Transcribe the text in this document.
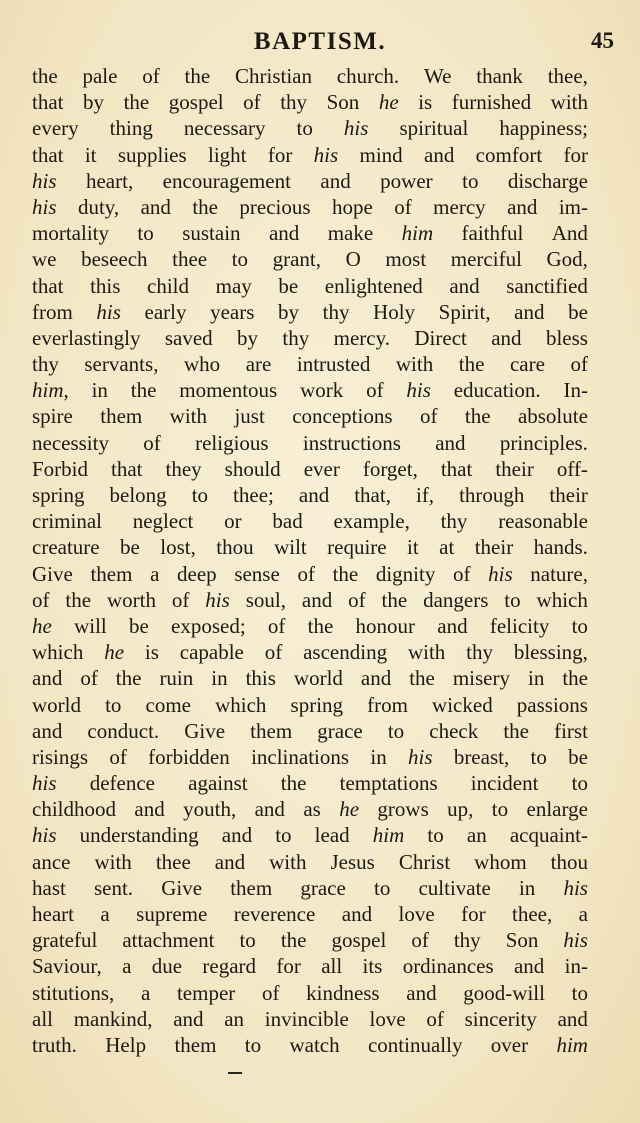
BAPTISM.	45
the pale of the Christian church. We thank thee,
that by the gospel of thy Son he is furnished with
every thing necessary to his spiritual happiness;
that it supplies light for his mind and comfort for
his heart, encouragement and power to discharge
his duty, and the precious hope of mercy and im-
mortality to sustain and make him faithful And
we beseech thee to grant, O most merciful God,
that this child may be enlightened and sanctified
from his early years by thy Holy Spirit, and be
everlastingly saved by thy mercy. Direct and bless
thy servants, who are intrusted with the care of
him, in the momentous work of his education. In-
spire them with just conceptions of the absolute
necessity of religious instructions and principles.
Forbid that they should ever forget, that their off-
spring belong to thee; and that, if, through their
criminal neglect or bad example, thy reasonable
creature be lost, thou wilt require it at their hands.
Give them a deep sense of the dignity of his nature,
of the worth of his soul, and of the dangers to which
he will be exposed; of the honour and felicity to
which he is capable of ascending with thy blessing,
and of the ruin in this world and the misery in the
world to come which spring from wicked passions
and conduct. Give them grace to check the first
risings of forbidden inclinations in his breast, to be
his defence against the temptations incident to
childhood and youth, and as he grows up, to enlarge
his understanding and to lead him to an acquaint-
ance with thee and with Jesus Christ whom thou
hast sent. Give them grace to cultivate in his
heart a supreme reverence and love for thee, a
grateful attachment to the gospel of thy Son his
Saviour, a due regard for all its ordinances and in-
stitutions, a temper of kindness and good-will to
all mankind, and an invincible love of sincerity and
truth. Help them to watch continually over him
